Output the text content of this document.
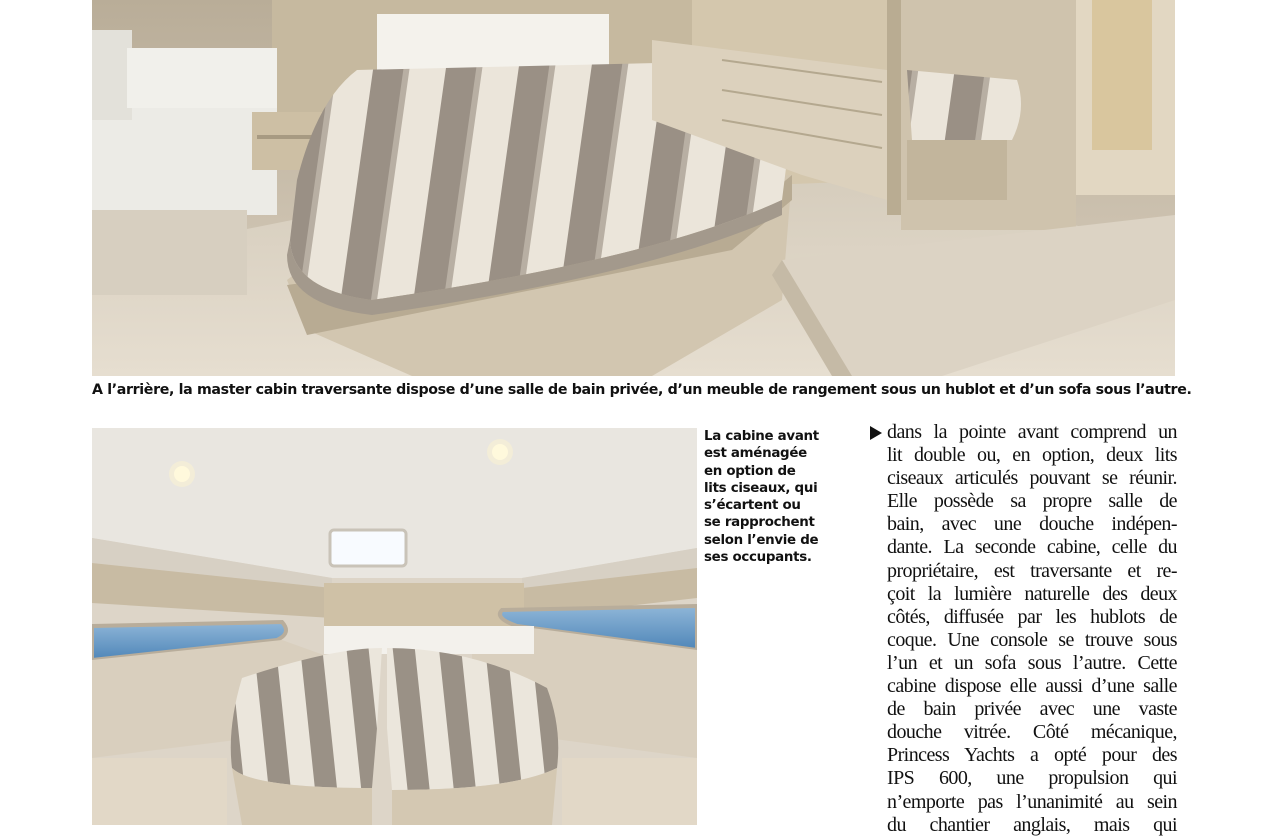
A l’arrière, la master cabin traversante dispose d’une salle de bain privée, d’un meuble de rangement sous un hublot et d’un sofa sous l’autre.
La cabine avant
est aménagée
en option de
lits ciseaux, qui
s’écartent ou
se rapprochent
selon l’envie de
ses occupants.
dans la pointe avant comprend un
lit double ou, en option, deux lits
ciseaux articulés pouvant se réunir.
Elle possède sa propre salle de
bain, avec une douche indépen-
dante. La seconde cabine, celle du
propriétaire, est traversante et re-
çoit la lumière naturelle des deux
côtés, diffusée par les hublots de
coque. Une console se trouve sous
l’un et un sofa sous l’autre. Cette
cabine dispose elle aussi d’une salle
de bain privée avec une vaste
douche vitrée. Côté mécanique,
Princess Yachts a opté pour des
IPS 600, une propulsion qui
n’emporte pas l’unanimité au sein
du chantier anglais, mais qui
